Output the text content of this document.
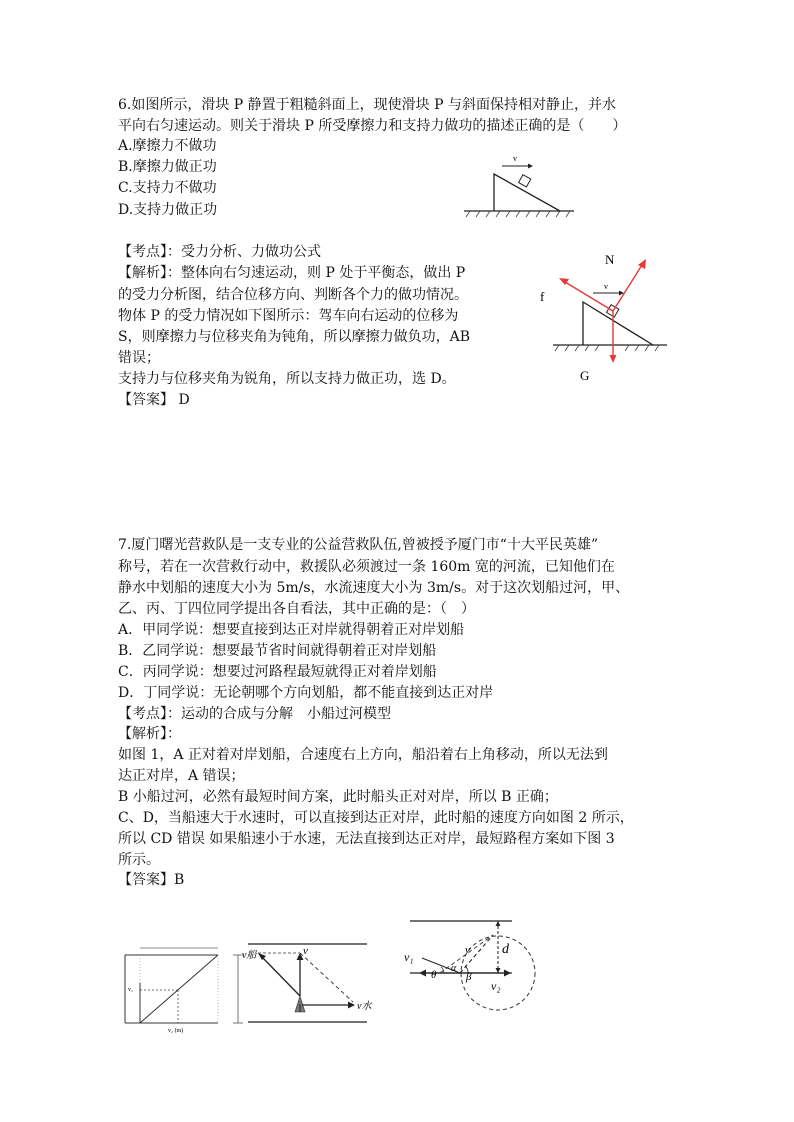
6.如图所示，滑块 P 静置于粗糙斜面上，现使滑块 P 与斜面保持相对静止，并水
平向右匀速运动。则关于滑块 P 所受摩擦力和支持力做功的描述正确的是（　　）
A.摩擦力不做功
B.摩擦力做正功
C.支持力不做功
D.支持力做正功
v
【考点】：受力分析、力做功公式
【解析】：整体向右匀速运动，则 P 处于平衡态，做出 P
的受力分析图，结合位移方向、判断各个力的做功情况。
物体 P 的受力情况如下图所示：驾车向右运动的位移为
S，则摩擦力与位移夹角为钝角，所以摩擦力做负功，AB
错误；
支持力与位移夹角为锐角，所以支持力做正功，选 D。
【答案】 D
N
f
G
v
7.厦门曙光营救队是一支专业的公益营救队伍,曾被授予厦门市“十大平民英雄”
称号，若在一次营救行动中，救援队必须渡过一条 160m 宽的河流，已知他们在
静水中划船的速度大小为 5m/s，水流速度大小为 3m/s。对于这次划船过河，甲、
乙、丙、丁四位同学提出各自看法，其中正确的是：（　）
A．甲同学说：想要直接到达正对岸就得朝着正对岸划船
B．乙同学说：想要最节省时间就得朝着正对岸划船
C．丙同学说：想要过河路程最短就得正对着岸划船
D．丁同学说：无论朝哪个方向划船，都不能直接到达正对岸
【考点】：运动的合成与分解　小船过河模型
【解析】：
如图 1，A 正对着对岸划船，合速度右上方向，船沿着右上角移动，所以无法到
达正对岸，A 错误；
B 小船过河，必然有最短时间方案，此时船头正对对岸，所以 B 正确；
C、D，当船速大于水速时，可以直接到达正对岸，此时船的速度方向如图 2 所示，
所以 CD 错误 如果船速小于水速，无法直接到达正对岸，最短路程方案如下图 3
所示。
【答案】B
v₁
v₂ (m)
v船	v
v水
v₁	v d
θ
α
β
v₂
